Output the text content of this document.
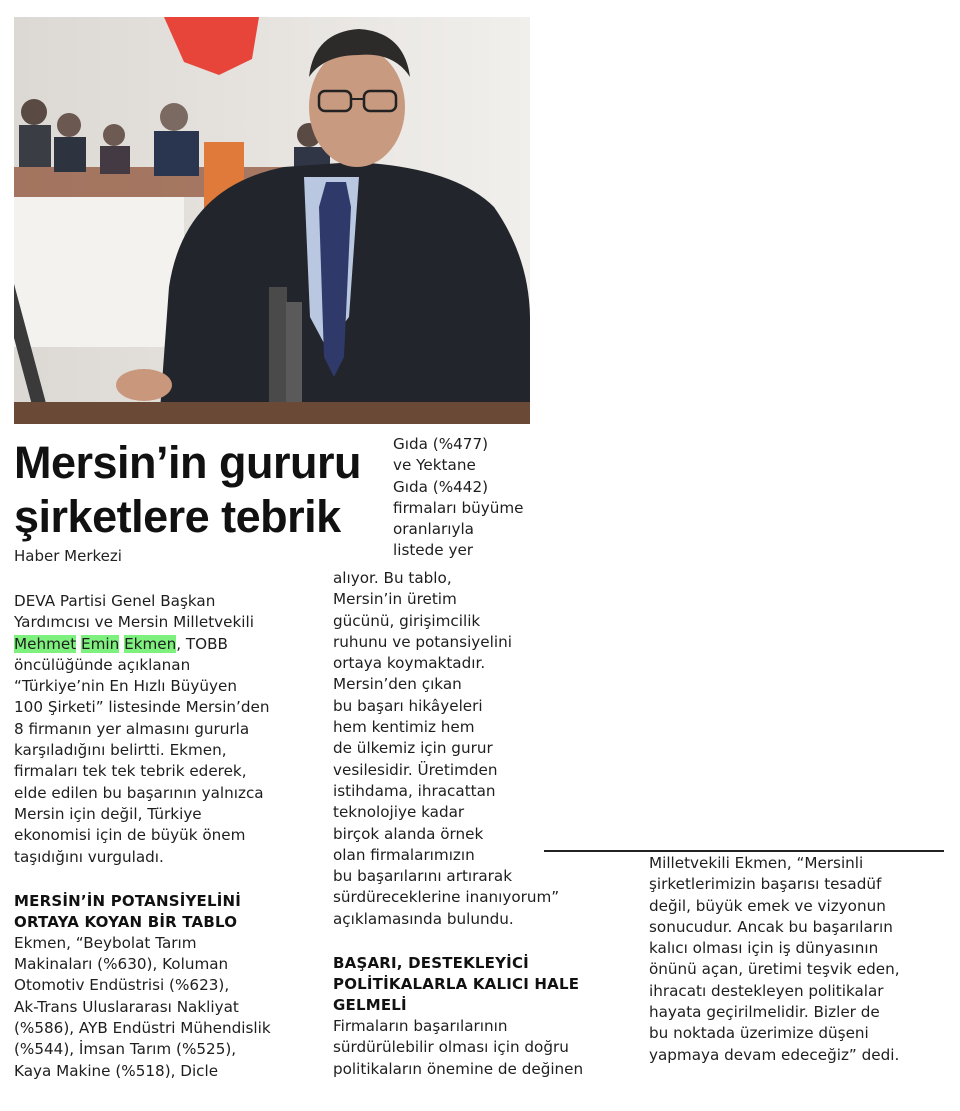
Mersin’in gururu
şirketlere tebrik
Haber Merkezi

DEVA Partisi Genel Başkan
Yardımcısı ve Mersin Milletvekili
Mehmet Emin Ekmen, TOBB
öncülüğünde açıklanan
“Türkiye’nin En Hızlı Büyüyen
100 Şirketi” listesinde Mersin’den
8 firmanın yer almasını gururla
karşıladığını belirtti. Ekmen,
firmaları tek tek tebrik ederek,
elde edilen bu başarının yalnızca
Mersin için değil, Türkiye
ekonomisi için de büyük önem
taşıdığını vurguladı.

MERSİN’İN POTANSİYELİNİ
ORTAYA KOYAN BİR TABLO

Ekmen, “Beybolat Tarım
Makinaları (%630), Koluman
Otomotiv Endüstrisi (%623),
Ak-Trans Uluslararası Nakliyat
(%586), AYB Endüstri Mühendislik
(%544), İmsan Tarım (%525),
Kaya Makine (%518), Dicle

Gıda (%477)
ve Yektane
Gıda (%442)
firmaları büyüme
oranlarıyla
listede yer

alıyor. Bu tablo,
Mersin’in üretim
gücünü, girişimcilik
ruhunu ve potansiyelini
ortaya koymaktadır.
Mersin’den çıkan
bu başarı hikâyeleri
hem kentimiz hem
de ülkemiz için gurur
vesilesidir. Üretimden
istihdama, ihracattan
teknolojiye kadar
birçok alanda örnek
olan firmalarımızın
bu başarılarını artırarak
sürdüreceklerine inanıyorum”
açıklamasında bulundu.

BAŞARI, DESTEKLEYİCİ
POLİTİKALARLA KALICI HALE
GELMELİ

Firmaların başarılarının
sürdürülebilir olması için doğru
politikaların önemine de değinen

Milletvekili Ekmen, “Mersinli
şirketlerimizin başarısı tesadüf
değil, büyük emek ve vizyonun
sonucudur. Ancak bu başarıların
kalıcı olması için iş dünyasının
önünü açan, üretimi teşvik eden,
ihracatı destekleyen politikalar
hayata geçirilmelidir. Bizler de
bu noktada üzerimize düşeni
yapmaya devam edeceğiz” dedi.
